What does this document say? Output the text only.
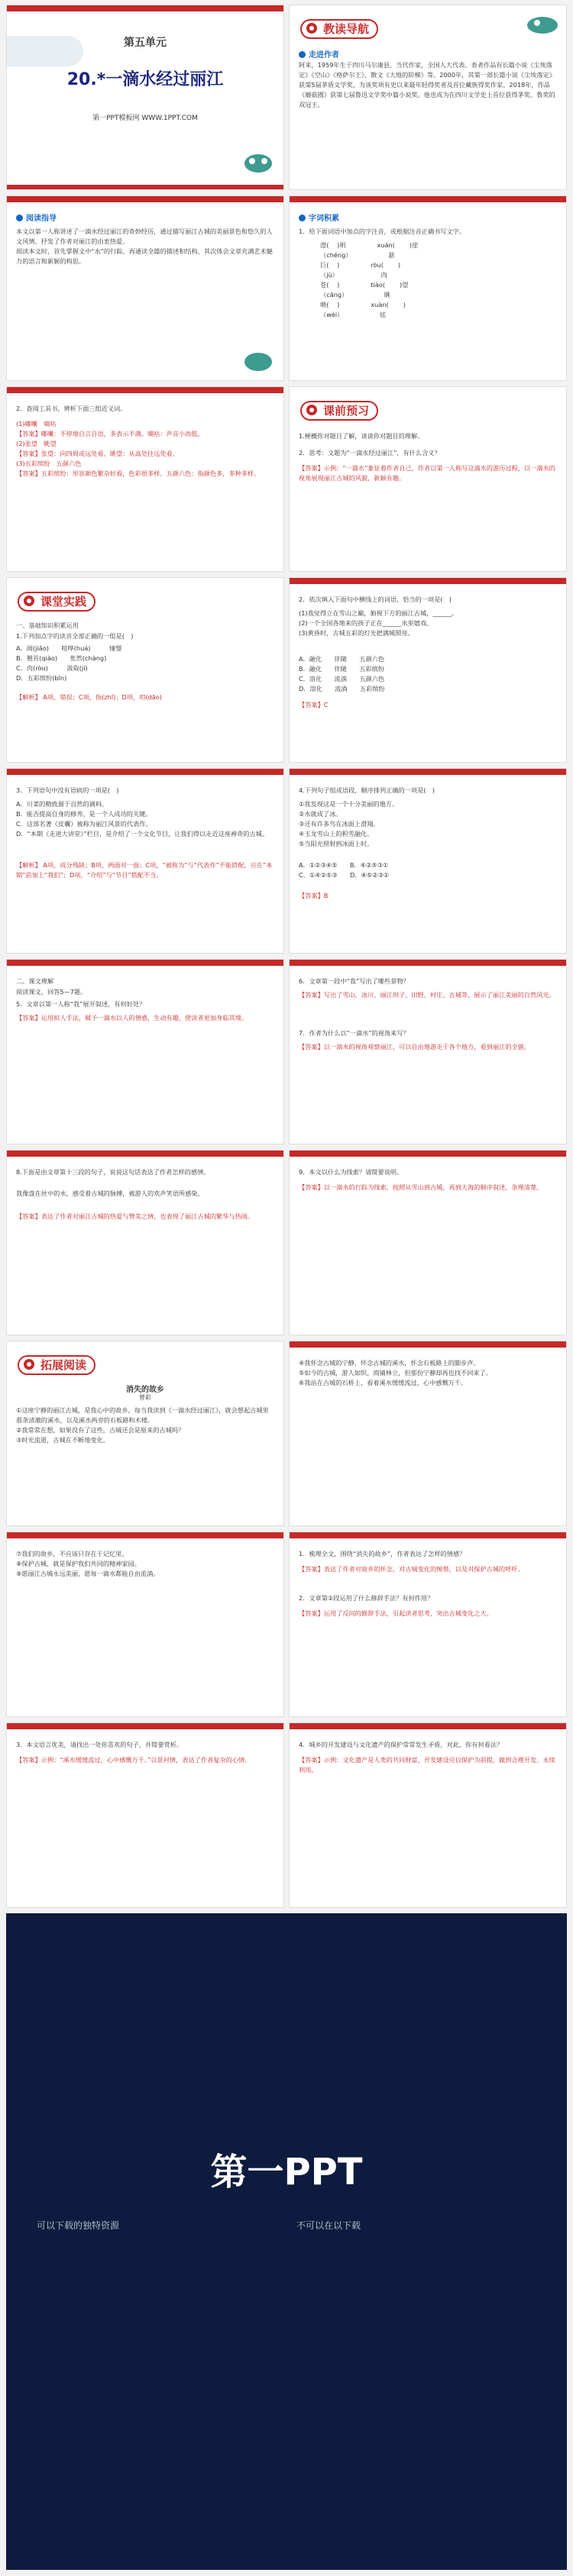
第五单元
20.*一滴水经过丽江
第一PPT模板网 WWW.1PPT.COM
教读导航
走进作者
阿来，1959年生于四川马尔康县，当代作家，全国人大代表。表者作品有长篇小说《尘埃落定》《空山》《格萨尔王》，散文《大地的阶梯》等。2000年，其第一部长篇小说《尘埃落定》获第5届茅盾文学奖，为该奖项有史以来最年轻得奖者及首位藏族得奖作家。2018年，作品《蘑菇圈》获第七届鲁迅文学奖中篇小说奖。他也成为在四川文学史上首位获得茅奖、鲁奖的双冠王。
阅读指导
本文以第一人称讲述了一滴水经过丽江的奇妙经历，通过描写丽江古城的美丽景色和悠久的人文风情，抒发了作者对丽江的由衷热爱。
阅读本文时，首先掌握文中“水”的行踪，再通读全篇的描述和结构，其次体会文章充满艺术魅力的语言和新颖的构思。
字词积累
1．给下面词语中加点的字注音，或根据注音正确书写文字。
澄( 　)明　　　　　xuán(　　 )崖
（chéng）　　　　　　 悬
巨( 　)　　　　　ròu(　　 )
（jù）　　　　　　　 肉
苍( 　)　　　　　tiào(　　 )望
（cāng）　　　　　　 眺
喂( 　)　　　　　xuàn(　　 )
（wèi）　　　　　　 炫
2．查阅工具书，辨析下面三组近义词。
(1)嘟囔　嘀咕
【答案】嘟囔：不停地自言自语，多表示不满。嘀咕：声音小而低。
(2)张望　眺望
【答案】张望：向四周或远处看。眺望：从高处往远处看。
(3)五彩缤纷　五颜六色
【答案】五彩缤纷：形容颜色繁杂好看，色彩很多样。五颜六色：指颜色多，多种多样。
课前预习
1.梗概你对题目了解，谈谈你对题目的理解。
2．思考：文题为“一滴水经过丽江”，有什么含义？
【答案】示例：“一滴水”象征着作者自己，作者以第一人称写这滴水的游历过程，以一滴水的视角展现丽江古城的风貌，新颖有趣。
课堂实践
一、基础知识积累运用
1.下列加点字的读音全部正确的一组是(　)
A．闹(jiǎo)　　喧哗(huá)　　　憧憬
B．翘首(qiào)　　怅然(chàng)
C．肉(ròu)　　　汲取(jí)
D．五彩缤纷(bīn)
【解析】 A项，错误；C项，指(zhǐ)；D项，叨(dāo)
2．依次填入下面句中横线上的词语，恰当的一项是(　)
(1)我觉得立在雪山之巅，俯视下方的丽江古城，______。
(2)一个全国各地来的孩子正在______水里嬉戏。
(3)黄昏时，古城五彩的灯光把满城照亮。
A．融化　　伴随　　五颜六色
B．融化　　伴随　　五彩缤纷
C．溶化　　流淌　　五颜六色
D．溶化　　流淌　　五彩缤纷
【答案】C
3．下列语句中没有语病的一项是(　)
A．川菜的精致源于自然的调料。
B．能否提高自身的修养，是一个人成功的关键。
C．这部名著《皮囊》被称为丽江风景的代表作。
D．“本期《走进大讲堂》”栏目，是介绍了一个文化节目，让我们得以走近这座神奇的古城。
【解析】 A项，成分残缺；B项，两面对一面；C项，“被称为”与“代表作”不能搭配，应在“本期”前加上“我们”；D项，“介绍”与“节目”搭配不当。
4.下列句子组成语段，顺序排列正确的一项是(　)
①我发现这是一个十分美丽的地方。
②水就成了冰。
③还有许多鸟在冰面上滑翔。
④玉龙雪山上的积雪融化。
⑤当阳光照射到冰面上时。
A．①②③④⑤　　B．④②⑤③①
C．①④②⑤③　　D．④⑤②③①
【答案】B
二、课文理解
阅读课文，回答5—7题。
5．文章以第一人称“我”展开叙述，有何好处？
【答案】运用拟人手法，赋予一滴水以人的情感，生动有趣，使读者更加身临其境。
6．文章第一段中“我”写出了哪些景物？
【答案】写出了雪山、冰川、丽江坝子、田野、村庄、古城等，展示了丽江美丽的自然风光。
7．作者为什么以“一滴水”的视角来写？
【答案】以一滴水的视角观察丽江，可以自由地游走于各个地方，看到丽江的全貌。
8.下面是由文章第十三段的句子，说说这句话表达了作者怎样的感情。
我像盘在丝中的水，感受着古城的脉搏，被游人的欢声笑语所感染。
【答案】表达了作者对丽江古城的热爱与赞美之情，也表现了丽江古城的繁华与热闹。
9．本文以什么为线索？请简要说明。
【答案】以一滴水的行踪为线索，按照从雪山到古城，再到大海的顺序叙述，条理清楚。
拓展阅读
消失的故乡
曾彩
①这座宁静的丽江古城，是我心中的故乡。每当我读到《一滴水经过丽江》，就会想起古城里那条清澈的溪水，以及溪水两旁的石板路和木楼。
②我常常在想，如果没有了这些，古城还会是原来的古城吗？
③时光流逝，古城在不断地变化。
④我怀念古城的宁静，怀念古城的溪水，怀念石板路上的脚步声。
⑤如今的古城，游人如织，商铺林立，但那份宁静却再也找不回来了。
⑥我站在古城的石桥上，看着溪水缓缓流过，心中感慨万千。
⑦我们的故乡，不应该只存在于记忆里。
⑧保护古城，就是保护我们共同的精神家园。
⑨愿丽江古城永远美丽，愿每一滴水都能自由流淌。
1．梳理全文，围绕“消失的故乡”，作者表达了怎样的情感？
【答案】表达了作者对故乡的怀念，对古城变化的惋惜，以及对保护古城的呼吁。
2．文章第②段运用了什么修辞手法？有何作用？
【答案】运用了反问的修辞手法，引起读者思考，突出古城变化之大。
3．本文语言优美，请找出一处你喜欢的句子，并简要赏析。
【答案】示例：“溪水缓缓流过，心中感慨万千。”以景衬情，表达了作者复杂的心情。
4．城乡的开发建设与文化遗产的保护常常发生矛盾，对此，你有何看法？
【答案】示例：文化遗产是人类的共同财富，开发建设应以保护为前提，做到合理开发、永续利用。
第一PPT
可以下载的独特资源	不可以在以下载
